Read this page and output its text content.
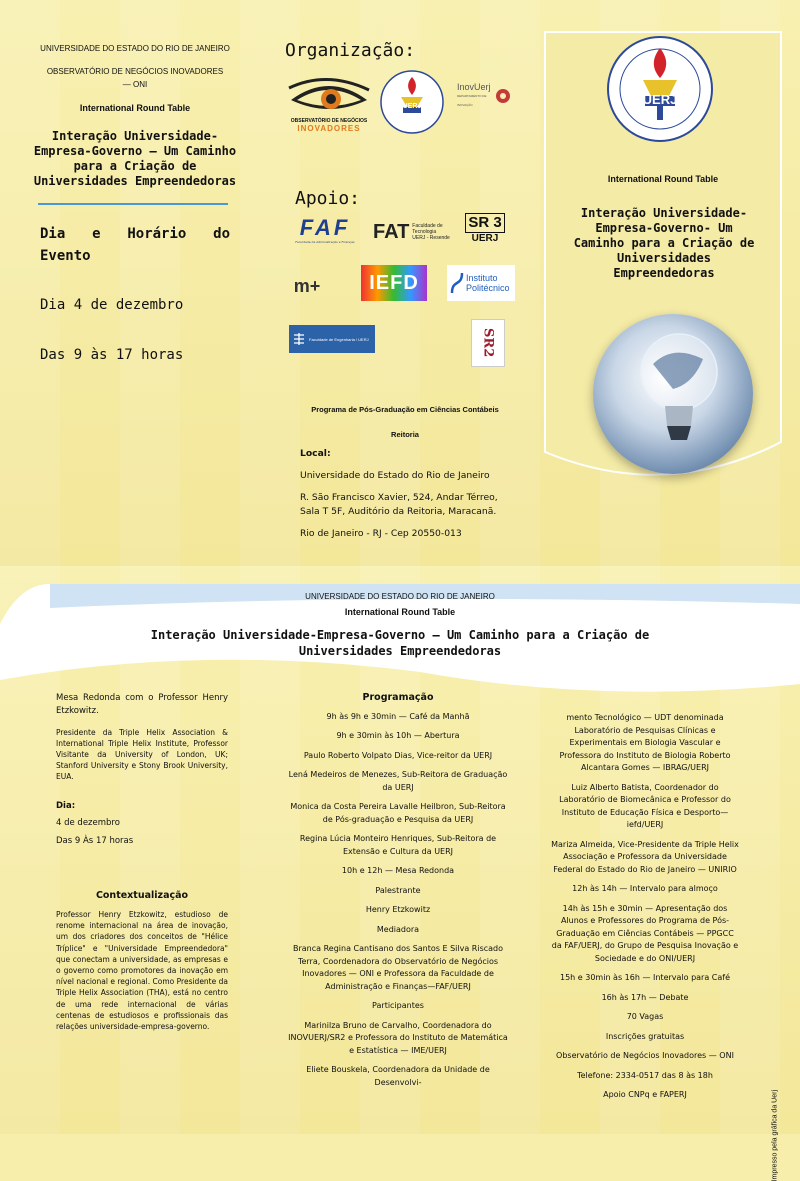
UNIVERSIDADE DO ESTADO DO RIO DE JANEIRO
OBSERVATÓRIO DE NEGÓCIOS INOVADORES — ONI
International Round Table
Interação Universidade-Empresa-Governo – Um Caminho para a Criação de Universidades Empreendedoras
Dia e Horário do Evento
Dia 4 de dezembro
Das 9 às 17 horas
Organização:
OBSERVATÓRIO DE NEGÓCIOS
INOVADORES
UERJ
InovUerj
DEPARTAMENTO DE INOVAÇÃO
Apoio:
FAF
Faculdade de Administração e Finanças FAT Faculdade de
Tecnologia
UERJ - Resende
SR 3
UERJ
m+ IEFD	Instituto
Politécnico
Faculdade de Engenharia / UERJ	SR2
Programa de Pós-Graduação em Ciências Contábeis
Reitoria

Local:

Universidade do Estado do Rio de Janeiro

R. São Francisco Xavier, 524, Andar Térreo, Sala T 5F, Auditório da Reitoria, Maracanã.

Rio de Janeiro - RJ - Cep 20550-013

UERJ
International Round Table
Interação Universidade-Empresa-Governo- Um Caminho para a Criação de Universidades Empreendedoras
UNIVERSIDADE DO ESTADO DO RIO DE JANEIRO
International Round Table
Interação Universidade-Empresa-Governo – Um Caminho para a Criação de Universidades Empreendedoras

Mesa Redonda com o Professor Henry Etzkowitz.

Presidente da Triple Helix Association & International Triple Helix Institute, Professor Visitante da University of London, UK; Stanford University e Stony Brook University, EUA.

Dia:

4 de dezembro

Das 9 Às 17 horas

Contextualização

Professor Henry Etzkowitz, estudioso de renome internacional na área de inovação, um dos criadores dos conceitos de "Hélice Tríplice" e "Universidade Empreendedora" que conectam a universidade, as empresas e o governo como promotores da inovação em nível nacional e regional. Como Presidente da Triple Helix Association (THA), está no centro de uma rede internacional de várias centenas de estudiosos e profissionais das relações universidade-empresa-governo.

Programação

9h às 9h e 30min — Café da Manhã

9h e 30min às 10h — Abertura

Paulo Roberto Volpato Dias, Vice-reitor da UERJ

Lená Medeiros de Menezes, Sub-Reitora de Graduação da UERJ

Monica da Costa Pereira Lavalle Heilbron, Sub-Reitora de Pós-graduação e Pesquisa da UERJ

Regina Lúcia Monteiro Henriques, Sub-Reitora de Extensão e Cultura da UERJ

10h e 12h — Mesa Redonda

Palestrante

Henry Etzkowitz

Mediadora

Branca Regina Cantisano dos Santos E Silva Riscado Terra, Coordenadora do Observatório de Negócios Inovadores — ONI e Professora da Faculdade de Administração e Finanças—FAF/UERJ

Participantes

Marinilza Bruno de Carvalho, Coordenadora do INOVUERJ/SR2 e Professora do Instituto de Matemática e Estatística — IME/UERJ

Eliete Bouskela, Coordenadora da Unidade de Desenvolvi-

mento Tecnológico — UDT denominada Laboratório de Pesquisas Clínicas e Experimentais em Biologia Vascular e Professora do Instituto de Biologia Roberto Alcantara Gomes — IBRAG/UERJ

Luiz Alberto Batista, Coordenador do Laboratório de Biomecânica e Professor do Instituto de Educação Física e Desporto—iefd/UERJ

Mariza Almeida, Vice-Presidente da Triple Helix Associação e Professora da Universidade Federal do Estado do Rio de Janeiro — UNIRIO

12h às 14h — Intervalo para almoço

14h às 15h e 30min — Apresentação dos Alunos e Professores do Programa de Pós-Graduação em Ciências Contábeis — PPGCC da FAF/UERJ, do Grupo de Pesquisa Inovação e Sociedade e do ONI/UERJ

15h e 30min às 16h — Intervalo para Café

16h às 17h — Debate

70 Vagas

Inscrições gratuitas

Observatório de Negócios Inovadores — ONI

Telefone: 2334-0517 das 8 às 18h

Apoio CNPq e FAPERJ	Impresso pela gráfica da Uerj
